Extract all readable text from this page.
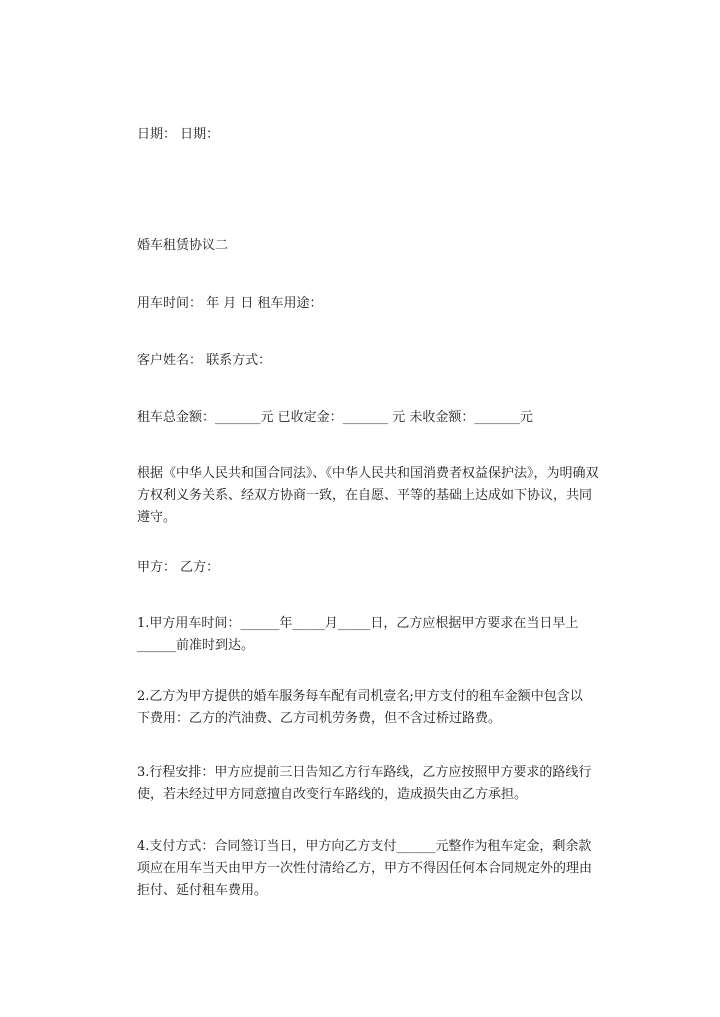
日期： 日期：
婚车租赁协议二
用车时间： 年 月 日 租车用途：
客户姓名： 联系方式：
租车总金额：_______元 已收定金：_______ 元 未收金额：_______元

根据《中华人民共和国合同法》、《中华人民共和国消费者权益保护法》，为明确双

方权利义务关系、经双方协商一致，在自愿、平等的基础上达成如下协议，共同

遵守。

甲方： 乙方：

1.甲方用车时间：______年_____月_____日，乙方应根据甲方要求在当日早上

______前准时到达。

2.乙方为甲方提供的婚车服务每车配有司机壹名;甲方支付的租车金额中包含以

下费用：乙方的汽油费、乙方司机劳务费，但不含过桥过路费。

3.行程安排：甲方应提前三日告知乙方行车路线，乙方应按照甲方要求的路线行

使，若未经过甲方同意擅自改变行车路线的，造成损失由乙方承担。

4.支付方式：合同签订当日，甲方向乙方支付______元整作为租车定金，剩余款

项应在用车当天由甲方一次性付清给乙方，甲方不得因任何本合同规定外的理由

拒付、延付租车费用。
